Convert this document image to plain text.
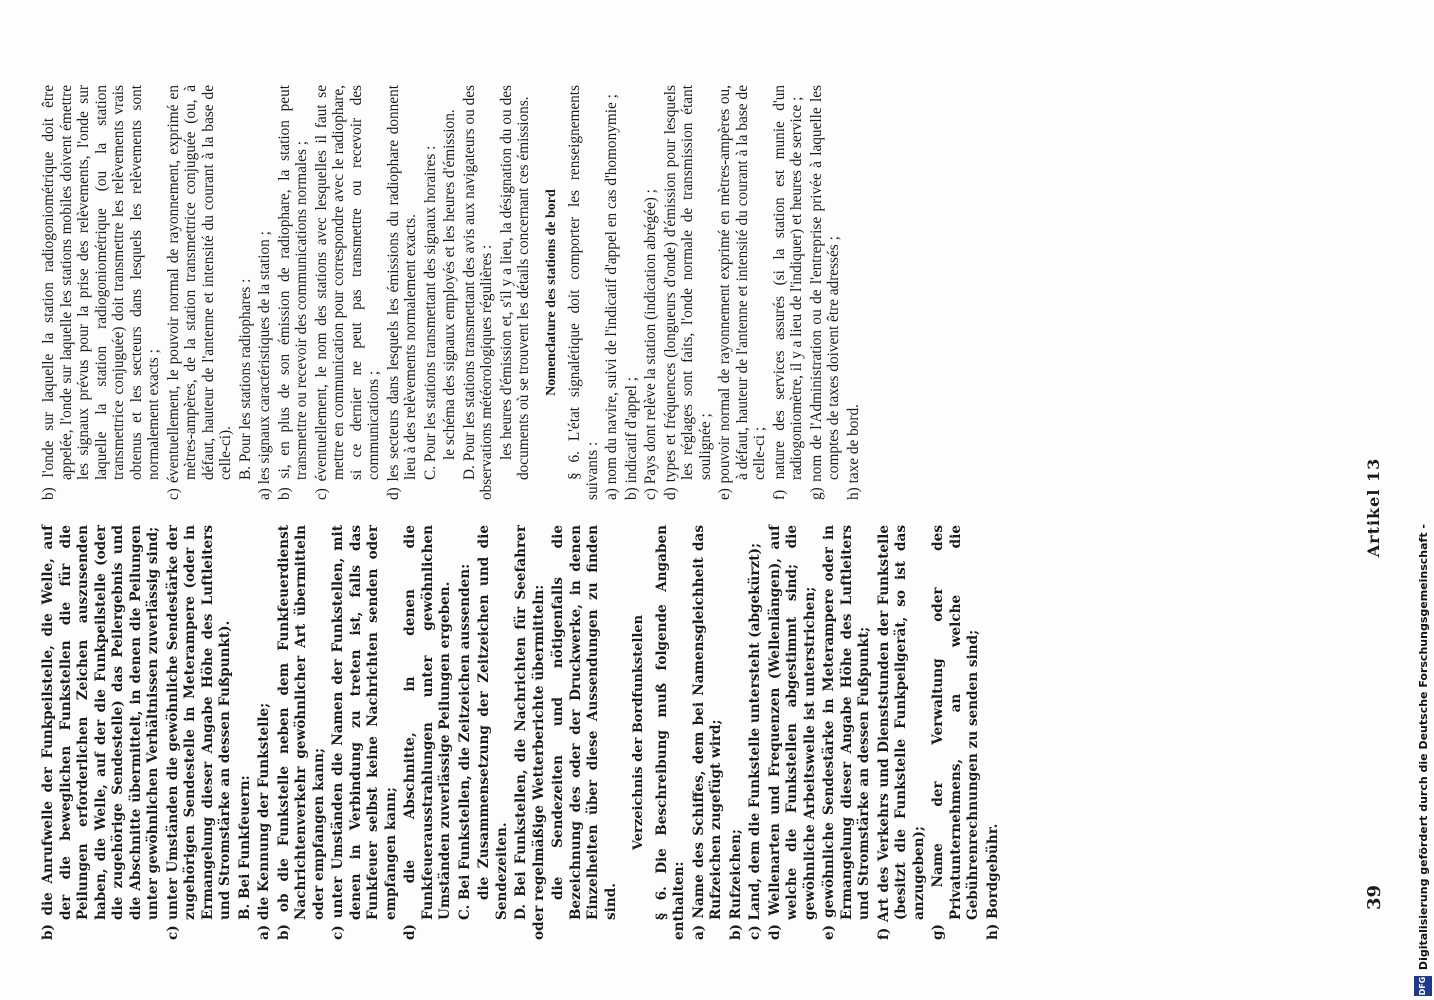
Artikel 13
39

b) l'onde sur laquelle la station radiogoniométrique doit être appelée, l'onde sur laquelle les stations mobiles doivent émettre les signaux prévus pour la prise des relèvements, l'onde sur laquelle la station radiogoniométrique (ou la station transmettrice conjuguée) doit transmettre les relèvements vrais obtenus et les secteurs dans lesquels les relèvements sont normalement exacts ; c) éventuellement, le pouvoir normal de rayonnement, exprimé en mètres-ampères, de la station transmettrice conjuguée (ou, à défaut, hauteur de l'antenne et intensité du courant à la base de celle-ci). B. Pour les stations radiophares : a) les signaux caractéristiques de la station ; b) si, en plus de son émission de radiophare, la station peut transmettre ou recevoir des communications normales ; c) éventuellement, le nom des stations avec lesquelles il faut se mettre en communication pour correspondre avec le radiophare, si ce dernier ne peut pas transmettre ou recevoir des communications ; d) les secteurs dans lesquels les émissions du radiophare donnent lieu à des relèvements normalement exacts. C. Pour les stations transmettant des signaux horaires : le schéma des signaux employés et les heures d'émission. D. Pour les stations transmettant des avis aux navigateurs ou des observations météorologiques régulières : les heures d'émission et, s'il y a lieu, la désignation du ou des documents où se trouvent les détails concernant ces émissions. Nomenclature des stations de bord § 6. L'état signalétique doit comporter les renseignements suivants : a) nom du navire, suivi de l'indicatif d'appel en cas d'homonymie ; b) indicatif d'appel ; c) Pays dont relève la station (indication abrégée) ; d) types et fréquences (longueurs d'onde) d'émission pour lesquels les réglages sont faits, l'onde normale de transmission étant soulignée ; e) pouvoir normal de rayonnement exprimé en mètres-ampères ou, à défaut, hauteur de l'antenne et intensité du courant à la base de celle-ci ; f) nature des services assurés (si la station est munie d'un radiogoniomètre, il y a lieu de l'indiquer) et heures de service ; g) nom de l'Administration ou de l'entreprise privée à laquelle les comptes de taxes doivent être adressés ; h) taxe de bord.

b) die Anrufwelle der Funkpeilstelle, die Welle, auf der die beweglichen Funkstellen die für die Peilungen erforderlichen Zeichen auszusenden haben, die Welle, auf der die Funkpeilstelle (oder die zugehörige Sendestelle) das Peilergebnis und die Abschnitte übermittelt, in denen die Peilungen unter gewöhnlichen Verhältnissen zuverlässig sind; c) unter Umständen die gewöhnliche Sendestärke der zugehörigen Sendestelle in Meterampere (oder in Ermangelung dieser Angabe Höhe des Luftleiters und Stromstärke an dessen Fußpunkt). B. Bei Funkfeuern: a) die Kennung der Funkstelle; b) ob die Funkstelle neben dem Funkfeuerdienst Nachrichtenverkehr gewöhnlicher Art übermitteln oder empfangen kann; c) unter Umständen die Namen der Funkstellen, mit denen in Verbindung zu treten ist, falls das Funkfeuer selbst keine Nachrichten senden oder empfangen kann; d) die Abschnitte, in denen die Funkfeuerausstrahlungen unter gewöhnlichen Umständen zuverlässige Peilungen ergeben. C. Bei Funkstellen, die Zeitzeichen aussenden: die Zusammensetzung der Zeitzeichen und die Sendezeiten. D. Bei Funkstellen, die Nachrichten für Seefahrer oder regelmäßige Wetterberichte übermitteln: die Sendezeiten und nötigenfalls die Bezeichnung des oder der Druckwerke, in denen Einzelheiten über diese Aussendungen zu finden sind.

Verzeichnis der Bordfunkstellen § 6. Die Beschreibung muß folgende Angaben enthalten: a) Name des Schiffes, dem bei Namensgleichheit das Rufzeichen zugefügt wird; b) Rufzeichen; c) Land, dem die Funkstelle untersteht (abgekürzt); d) Wellenarten und Frequenzen (Wellenlängen), auf welche die Funkstellen abgestimmt sind; die gewöhnliche Arbeitswelle ist unterstrichen; e) gewöhnliche Sendestärke in Meterampere oder in Ermangelung dieser Angabe Höhe des Luftleiters und Stromstärke an dessen Fußpunkt; f) Art des Verkehrs und Dienststunden der Funkstelle (besitzt die Funkstelle Funkpeilgerät, so ist das anzugeben); g) Name der Verwaltung oder des Privatunternehmens, an welche die Gebührenrechnungen zu senden sind; h) Bordgebühr.	Digitalisierung gefördert durch die Deutsche Forschungsgemeinschaft -
DFG
